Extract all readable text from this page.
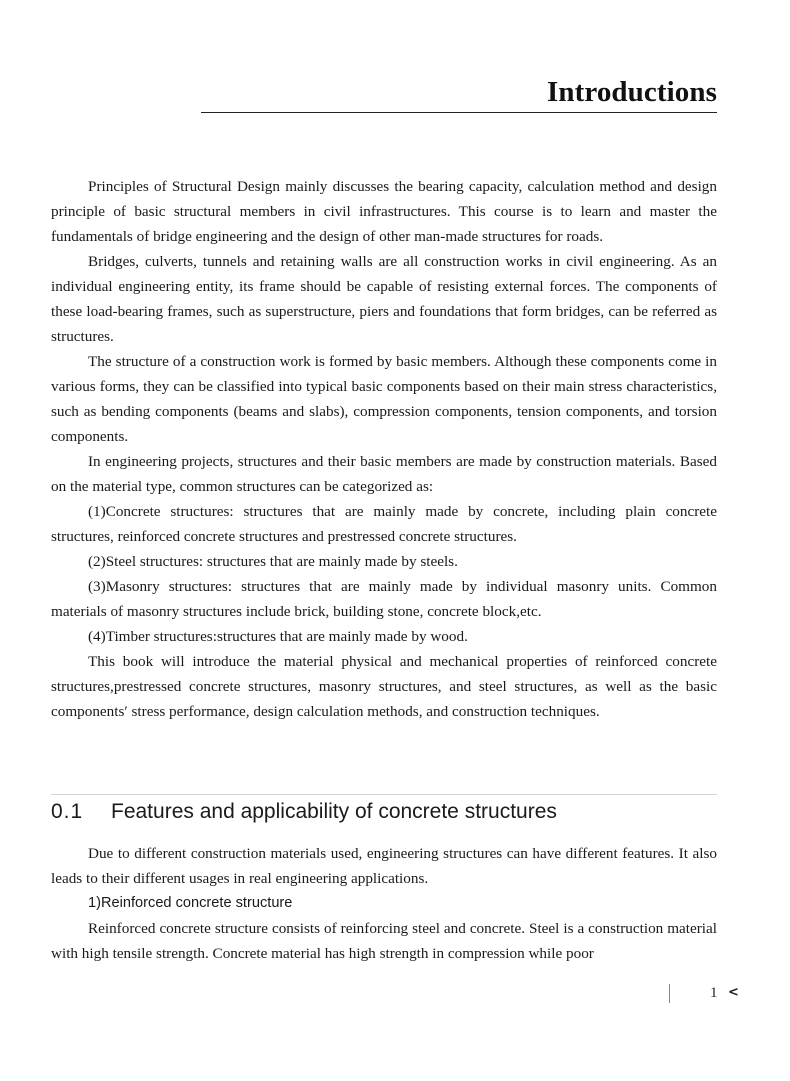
Introductions

Principles of Structural Design mainly discusses the bearing capacity, calculation method and design principle of basic structural members in civil infrastructures. This course is to learn and master the fundamentals of bridge engineering and the design of other man-made structures for roads.

Bridges, culverts, tunnels and retaining walls are all construction works in civil engineering. As an individual engineering entity, its frame should be capable of resisting external forces. The components of these load-bearing frames, such as superstructure, piers and foundations that form bridges, can be referred as structures.

The structure of a construction work is formed by basic members. Although these components come in various forms, they can be classified into typical basic components based on their main stress characteristics, such as bending components (beams and slabs), compression components, tension components, and torsion components.

In engineering projects, structures and their basic members are made by construction materials. Based on the material type, common structures can be categorized as:

(1)Concrete structures: structures that are mainly made by concrete, including plain concrete structures, reinforced concrete structures and prestressed concrete structures.

(2)Steel structures: structures that are mainly made by steels.

(3)Masonry structures: structures that are mainly made by individual masonry units. Common materials of masonry structures include brick, building stone, concrete block,etc.

(4)Timber structures:structures that are mainly made by wood.

This book will introduce the material physical and mechanical properties of reinforced concrete structures,prestressed concrete structures, masonry structures, and steel structures, as well as the basic components′ stress performance, design calculation methods, and construction techniques.

0.1 Features and applicability of concrete structures

Due to different construction materials used, engineering structures can have different features. It also leads to their different usages in real engineering applications.

1)Reinforced concrete structure

Reinforced concrete structure consists of reinforcing steel and concrete. Steel is a construction material with high tensile strength. Concrete material has high strength in compression while poor

1 <
